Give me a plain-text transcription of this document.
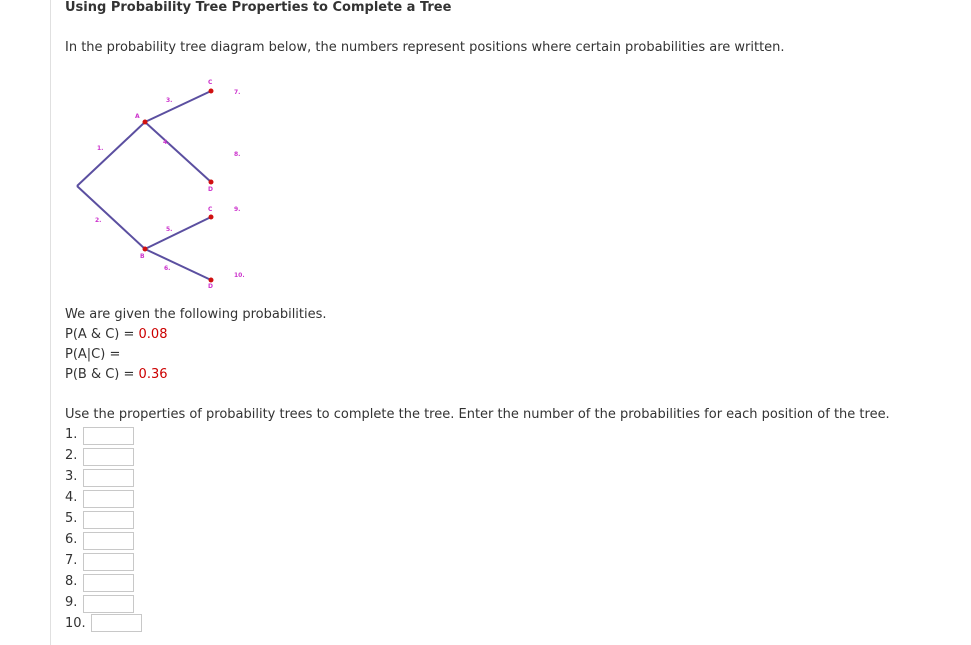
Using Probability Tree Properties to Complete a Tree
In the probability tree diagram below, the numbers represent positions where certain probabilities are written.
A
B
C
D
C
D
1.
2.
3.
4.
5.
6.
7.
8.
9.
10.
We are given the following probabilities.
P(A & C) = 0.08
P(A|C) =
P(B & C) = 0.36
Use the properties of probability trees to complete the tree. Enter the number of the probabilities for each position of the tree.
1.
2.
3.
4.
5.
6.
7.
8.
9.
10.
